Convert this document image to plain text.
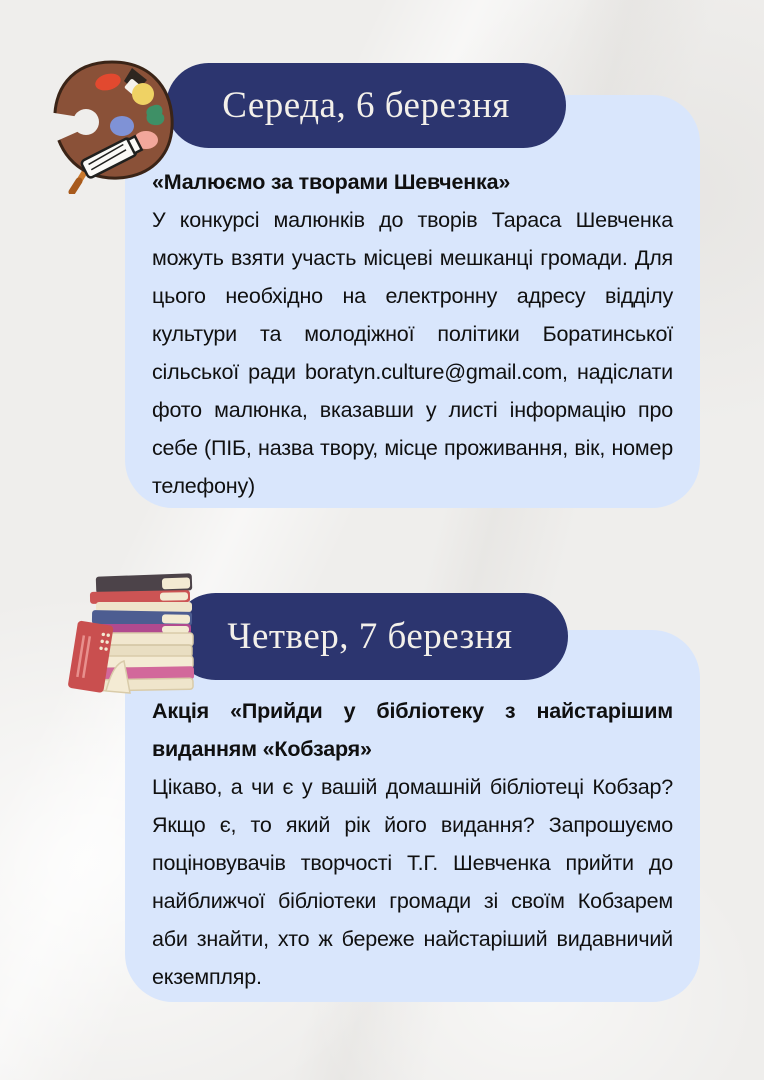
Середа, 6 березня

«Малюємо за творами Шевченка»

У конкурсі малюнків до творів Тараса Шевченка можуть взяти участь місцеві мешканці громади. Для цього необхідно на електронну адресу відділу культури та молодіжної політики Боратинської сільської ради boratyn.culture@gmail.com, надіслати фото малюнка, вказавши у листі інформацію про себе (ПІБ, назва твору, місце проживання, вік, номер телефону)

Четвер, 7 березня

Акція «Прийди у бібліотеку з найстарішим виданням «Кобзаря»

Цікаво, а чи є у вашій домашній бібліотеці Кобзар? Якщо є, то який рік його видання? Запрошуємо поціновувачів творчості Т.Г. Шевченка прийти до найближчої бібліотеки громади зі своїм Кобзарем аби знайти, хто ж береже найстаріший видавничий екземпляр.
